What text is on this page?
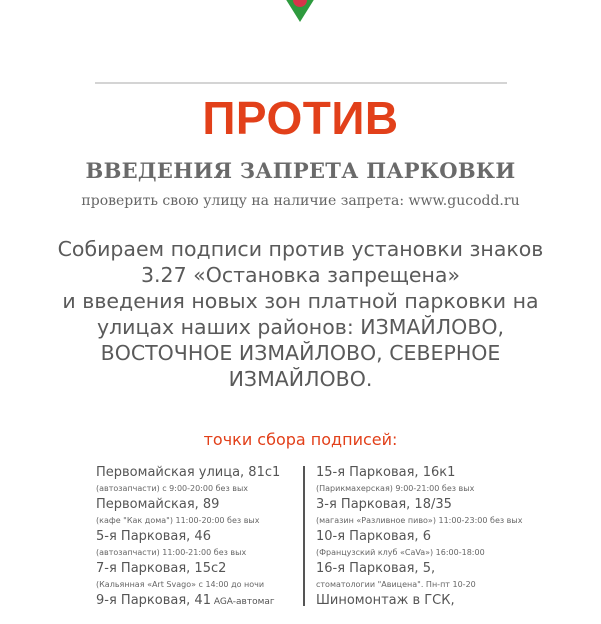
ПРОТИВ
ВВЕДЕНИЯ ЗАПРЕТА ПАРКОВКИ
проверить свою улицу на наличие запрета: www.gucodd.ru
Собираем подписи против установки знаков
3.27 «Остановка запрещена»
и введения новых зон платной парковки на
улицах наших районов: ИЗМАЙЛОВО,
ВОСТОЧНОЕ ИЗМАЙЛОВО, СЕВЕРНОЕ
ИЗМАЙЛОВО.
точки сбора подписей:
Первомайская улица, 81с1
(автозапчасти) с 9:00-20:00 без вых
Первомайская, 89
(кафе "Как дома") 11:00-20:00 без вых
5-я Парковая, 46
(автозапчасти) 11:00-21:00 без вых
7-я Парковая, 15с2
(Кальянная «Art Svago» с 14:00 до ночи
9-я Парковая, 41 AGA-автомаг
15-я Парковая, 16к1
(Парикмахерская) 9:00-21:00 без вых
3-я Парковая, 18/35
(магазин «Разливное пиво») 11:00-23:00 без вых
10-я Парковая, 6
(Французский клуб «CaVa») 16:00-18:00
16-я Парковая, 5,
стоматологии "Авицена". Пн-пт 10-20
Шиномонтаж в ГСК,
